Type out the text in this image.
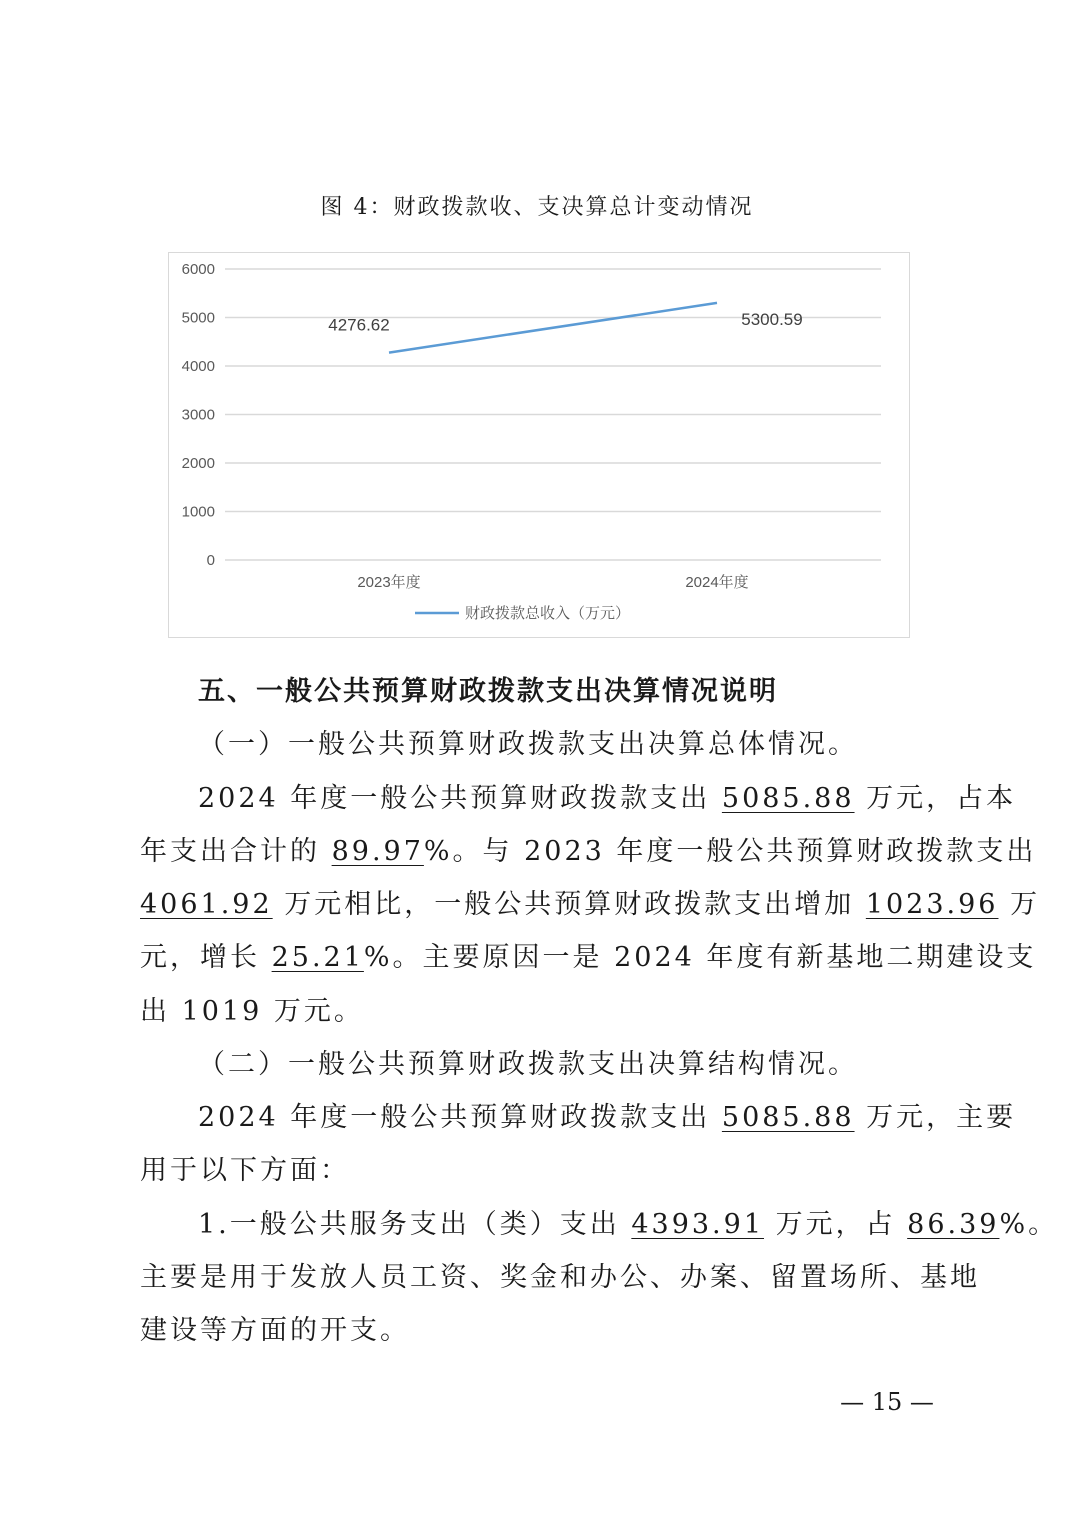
图 4：财政拨款收、支决算总计变动情况
0
1000
2000
3000
4000
5000
6000
2023年度	2024年度
4276.62	5300.59
财政拨款总收入（万元）
五、一般公共预算财政拨款支出决算情况说明
（一）一般公共预算财政拨款支出决算总体情况。
2024 年度一般公共预算财政拨款支出 5085.88 万元，占本
年支出合计的 89.97%。与 2023 年度一般公共预算财政拨款支出
4061.92 万元相比，一般公共预算财政拨款支出增加 1023.96 万
元，增长 25.21%。主要原因一是 2024 年度有新基地二期建设支
出 1019 万元。
（二）一般公共预算财政拨款支出决算结构情况。
2024 年度一般公共预算财政拨款支出 5085.88 万元，主要
用于以下方面：
1.一般公共服务支出（类）支出 4393.91 万元，占 86.39%。
主要是用于发放人员工资、奖金和办公、办案、留置场所、基地
建设等方面的开支。
— 15 —
